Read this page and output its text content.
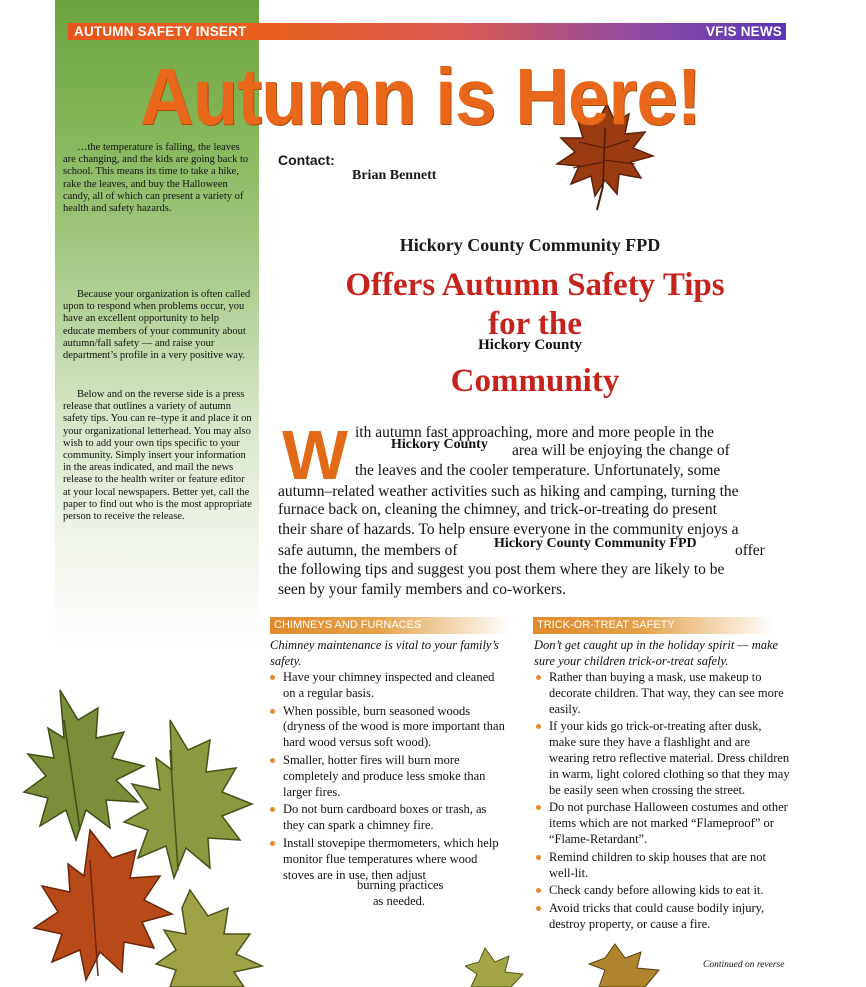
AUTUMN SAFETY INSERT	VFIS NEWS
Autumn is Here!

…the temperature is falling, the leaves are changing, and the kids are going back to school. This means its time to take a hike, rake the leaves, and buy the Halloween candy, all of which can present a variety of health and safety hazards.

Because your organization is often called upon to respond when problems occur, you have an excellent opportunity to help educate members of your community about autumn/fall safety — and raise your department’s profile in a very positive way.

Below and on the reverse side is a press release that outlines a variety of autumn safety tips. You can re–type it and place it on your organizational letterhead. You may also wish to add your own tips specific to your community. Simply insert your information in the areas indicated, and mail the news release to the health writer or feature editor at your local newspapers. Better yet, call the paper to find out who is the most appropriate person to receive the release.

Contact:
Brian Bennett
Hickory County Community FPD
Offers Autumn Safety Tips
for the
Hickory County
Community
W ith autumn fast approaching, more and more people in the
Hickory County area will be enjoying the change of
the leaves and the cooler temperature. Unfortunately, some
autumn–related weather activities such as hiking and camping, turning the
furnace back on, cleaning the chimney, and trick-or-treating do present
their share of hazards. To help ensure everyone in the community enjoys a
safe autumn, the members of	Hickory County Community FPD offer
the following tips and suggest you post them where they are likely to be
seen by your family members and co-workers.
CHIMNEYS AND FURNACES
Chimney maintenance is vital to your family’s safety.
Have your chimney inspected and cleaned on a regular basis.
When possible, burn seasoned woods (dryness of the wood is more important than hard wood versus soft wood).
Smaller, hotter fires will burn more completely and produce less smoke than larger fires.
Do not burn cardboard boxes or trash, as they can spark a chimney fire.
Install stovepipe thermometers, which help monitor flue temperatures where wood stoves are in use, then adjust
burning practices
as needed.
TRICK-OR-TREAT SAFETY
Don’t get caught up in the holiday spirit — make sure your children trick-or-treat safely.
Rather than buying a mask, use makeup to decorate children. That way, they can see more easily.
If your kids go trick-or-treating after dusk, make sure they have a flashlight and are wearing retro reflective material. Dress children in warm, light colored clothing so that they may be easily seen when crossing the street.
Do not purchase Halloween costumes and other items which are not marked “Flameproof” or “Flame-Retardant”.
Remind children to skip houses that are not well-lit.
Check candy before allowing kids to eat it.
Avoid tricks that could cause bodily injury, destroy property, or cause a fire.
Continued on reverse
